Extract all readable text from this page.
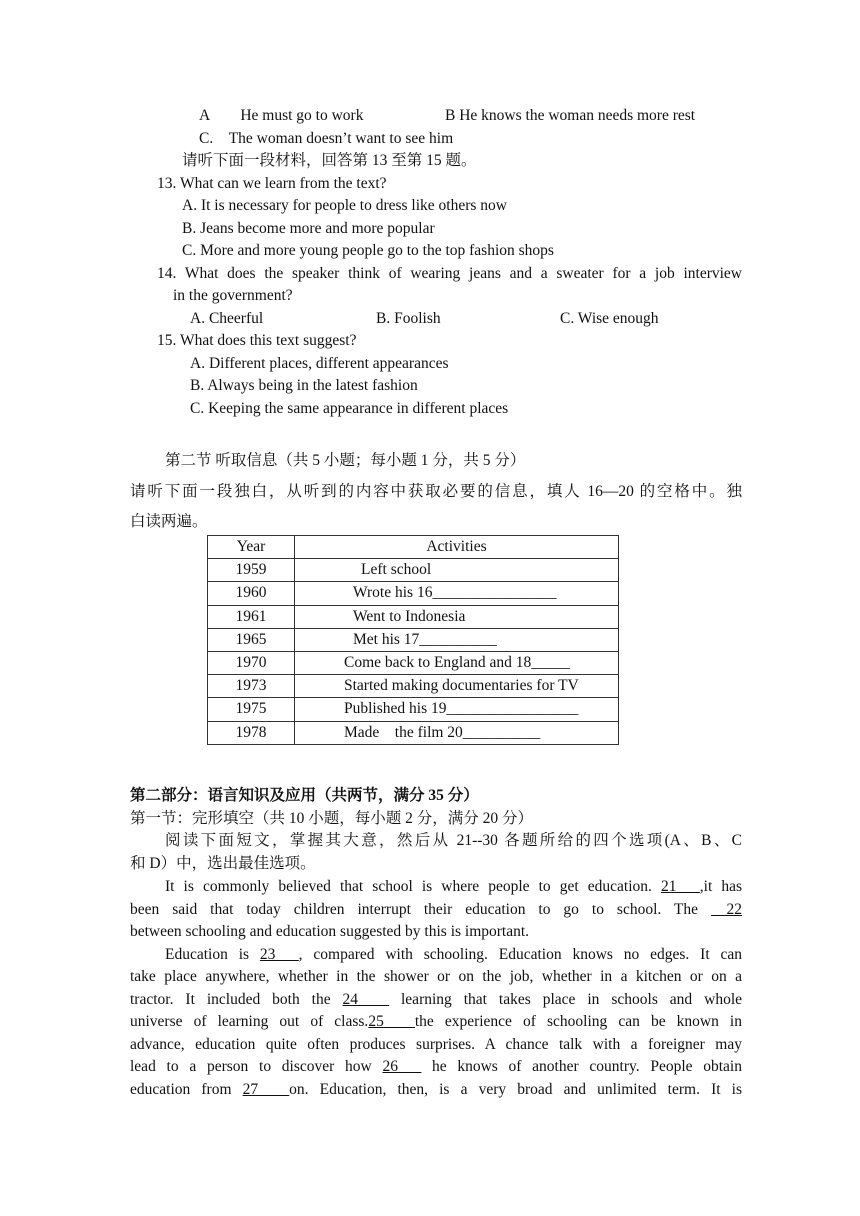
A　　He must go to work	B He knows the woman needs more rest
C.　The woman doesn’t want to see him
请听下面一段材料，回答第 13 至第 15 题。
13. What can we learn from the text?
A. It is necessary for people to dress like others now
B. Jeans become more and more popular
C. More and more young people go to the top fashion shops
14. What does the speaker think of wearing jeans and a sweater for a job interview
in the government?
A. Cheerful	B. Foolish	C. Wise enough
15. What does this text suggest?
A. Different places, different appearances
B. Always being in the latest fashion
C. Keeping the same appearance in different places
第二节 听取信息（共 5 小题；每小题 1 分，共 5 分）
请听下面一段独白，从听到的内容中获取必要的信息，填人 16—20 的空格中。独
白读两遍。
Year	Activities
1959	Left school
1960	Wrote his 16________________
1961	Went to Indonesia
1965	Met his 17__________
1970	Come back to England and 18_____
1973	Started making documentaries for TV
1975	Published his 19_________________
1978	Made    the film 20__________
第二部分：语言知识及应用（共两节，满分 35 分）
第一节：完形填空（共 10 小题，每小题 2 分，满分 20 分）
阅读下面短文，掌握其大意，然后从 21--30 各题所给的四个选项(A、B、C
和 D）中，选出最佳选项。
It is commonly believed that school is where people to get education. 21___,it has
been said that today children interrupt their education to go to school. The __22
between schooling and education suggested by this is important.
Education is 23___, compared with schooling. Education knows no edges. It can
take place anywhere, whether in the shower or on the job, whether in a kitchen or on a
tractor. It included both the 24____ learning that takes place in schools and whole
universe of learning out of class.25____the experience of schooling can be known in
advance, education quite often produces surprises. A chance talk with a foreigner may
lead to a person to discover how 26___ he knows of another country. People obtain
education from 27____on. Education, then, is a very broad and unlimited term. It is
